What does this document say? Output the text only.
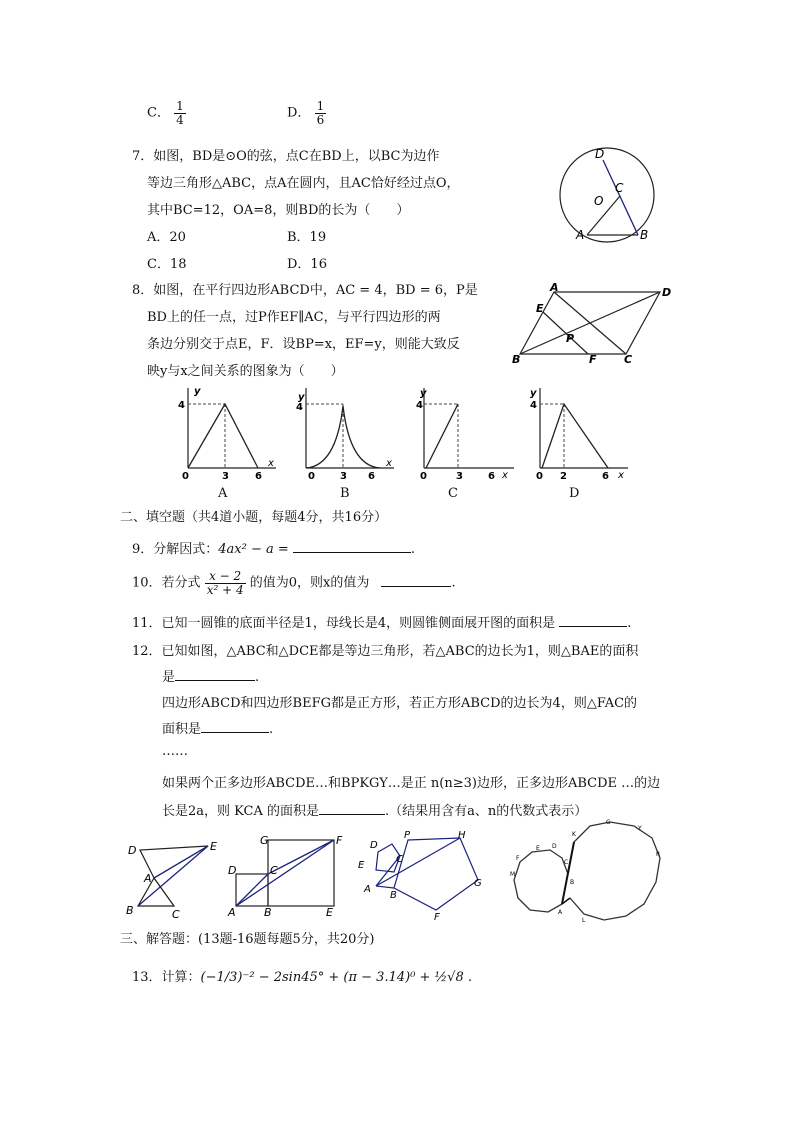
C． $\frac{1}{4}$	D． $\frac{1}{6}$
7．如图，BD是⊙O的弦，点C在BD上，以BC为边作
等边三角形△ABC，点A在圆内，且AC恰好经过点O，
其中BC=12，OA=8，则BD的长为（　　）
A．20	B．19
C．18	D．16
D
O
C
A	B
8．如图，在平行四边形ABCD中，AC = 4，BD = 6，P是
BD上的任一点，过P作EF∥AC，与平行四边形的两
条边分别交于点E，F．设BP=x，EF=y，则能大致反
映y与x之间关系的图象为（　　）
A	D
E
P
B	F C
y
x
4
0	3	6
y
x
4
0	3 6
y
x
4
0	3	6
y
x
4
0 2	6
A	B	C	D
二、填空题（共4道小题，每题4分，共16分）
9．分解因式：4ax² − a =	.
10．若分式 $\frac{x - 2}{\text{x² + 4}}$ 的值为0，则x的值为	.
11．已知一圆锥的底面半径是1，母线长是4，则圆锥侧面展开图的面积是	.
12．已知如图，△ABC和△DCE都是等边三角形，若△ABC的边长为1，则△BAE的面积
是	.
四边形ABCD和四边形BEFG都是正方形，若正方形ABCD的边长为4，则△FAC的
面积是	.
……
如果两个正多边形ABCDE…和BPKGY…是正 n(n≥3)边形，正多边形ABCDE …的边
长是2a，则 KCA 的面积是	.（结果用含有a、n的代数式表示）
D	E
A
B	C
G	F
D	C
A	B	E
D
P	H
E
C
A
B
G
F
K
G
Y
R
M
F
E D
C
B
A
L
三、解答题：(13题-16题每题5分，共20分)
13．计算：(−1/3)⁻² − 2sin45° + (π − 3.14)⁰ + ½√8 .
